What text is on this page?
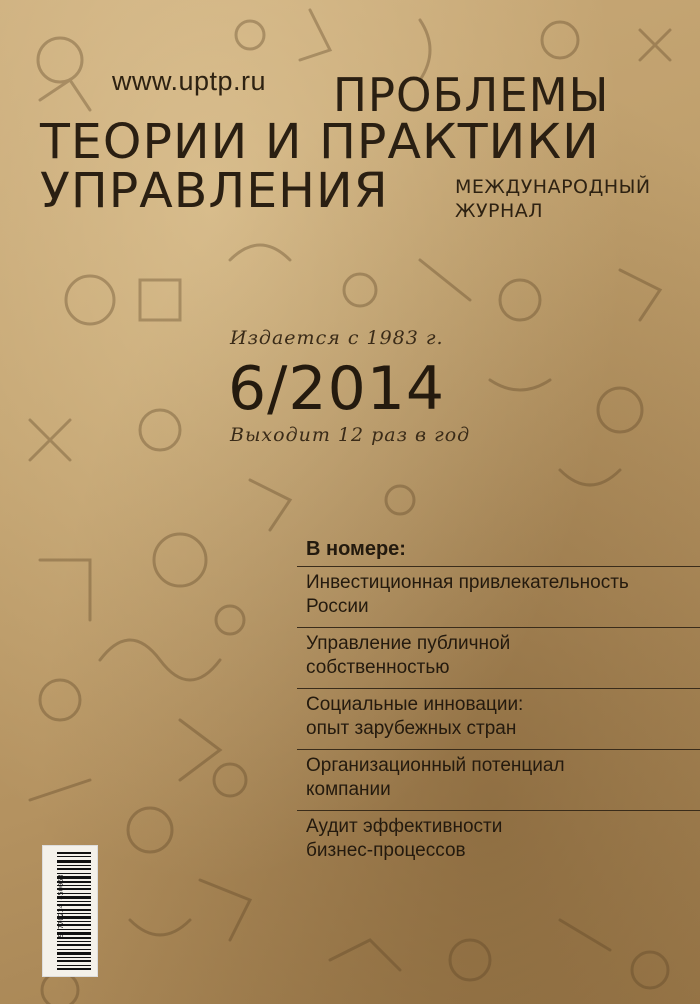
www.uptp.ru ПРОБЛЕМЫ
ТЕОРИИ И ПРАКТИКИ
УПРАВЛЕНИЯ	МЕЖДУНАРОДНЫЙ
ЖУРНАЛ
Издается с 1983 г.
6/2014
Выходит 12 раз в год
В номере:
Инвестиционная привлекательность
России
Управление публичной
собственностью
Социальные инновации:
опыт зарубежных стран
Организационный потенциал
компании
Аудит эффективности
бизнес-процессов
9 770234 450063
